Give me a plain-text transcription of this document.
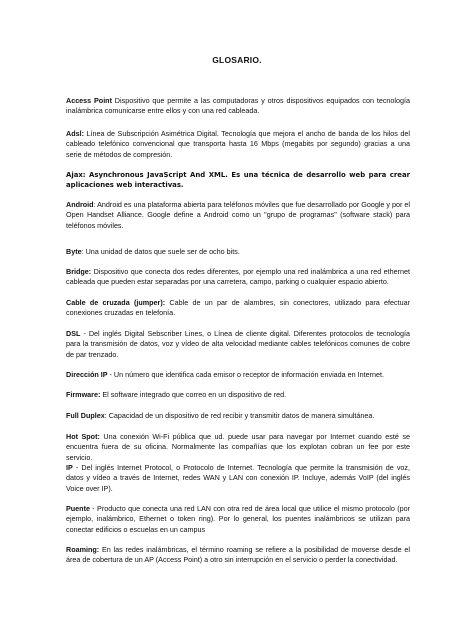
GLOSARIO.

Access Point Dispositivo que permite a las computadoras y otros dispositivos equipados con tecnología inalámbrica comunicarse entre ellos y con una red cableada.

Adsl: Línea de Subscripción Asimétrica Digital. Tecnología que mejora el ancho de banda de los hilos del cableado telefónico convencional que transporta hasta 16 Mbps (megabits por segundo) gracias a una serie de métodos de compresión.

Ajax: Asynchronous JavaScript And XML. Es una técnica de desarrollo web para crear aplicaciones web interactivas.

Android: Android es una plataforma abierta para teléfonos móviles que fue desarrollado por Google y por el Open Handset Alliance. Google define a Android como un "grupo de programas" (software stack) para teléfonos móviles.

Byte: Una unidad de datos que suele ser de ocho bits.

Bridge: Dispositivo que conecta dos redes diferentes, por ejemplo una red inalámbrica a una red ethernet cableada que pueden estar separadas por una carretera, campo, parking o cualquier espacio abierto.

Cable de cruzada (jumper): Cable de un par de alambres, sin conectores, utilizado para efectuar conexiones cruzadas en telefonía.

DSL - Del inglés Digital Sebscriber Lines, o Línea de cliente digital. Diferentes protocolos de tecnología para la transmisión de datos, voz y vídeo de alta velocidad mediante cables telefónicos comunes de cobre de par trenzado.

Dirección IP - Un número que identifica cada emisor o receptor de información enviada en Internet.

Firmware: El software integrado que correo en un dispositivo de red.

Full Duplex: Capacidad de un dispositivo de red recibir y transmitir datos de manera simultánea.

Hot Spot: Una conexión Wi-Fi pública que ud. puede usar para navegar por Internet cuando esté se encuentra fuera de su oficina. Normalmente las compañías que los explotan cobran un fee por este servicio.

IP - Del inglés Internet Protocol, o Protocolo de Internet. Tecnología que permite la transmisión de voz, datos y vídeo a través de Internet, redes WAN y LAN con conexión IP. Incluye, además VoIP (del inglés Voice over IP).

Puente - Producto que conecta una red LAN con otra red de área local que utilice el mismo protocolo (por ejemplo, inalámbrico, Ethernet o token ring). Por lo general, los puentes inalámbricos se utilizan para conectar edificios o escuelas en un campus

Roaming: En las redes inalámbricas, el término roaming se refiere a la posibilidad de moverse desde el área de cobertura de un AP (Access Point) a otro sin interrupción en el servicio o perder la conectividad.
